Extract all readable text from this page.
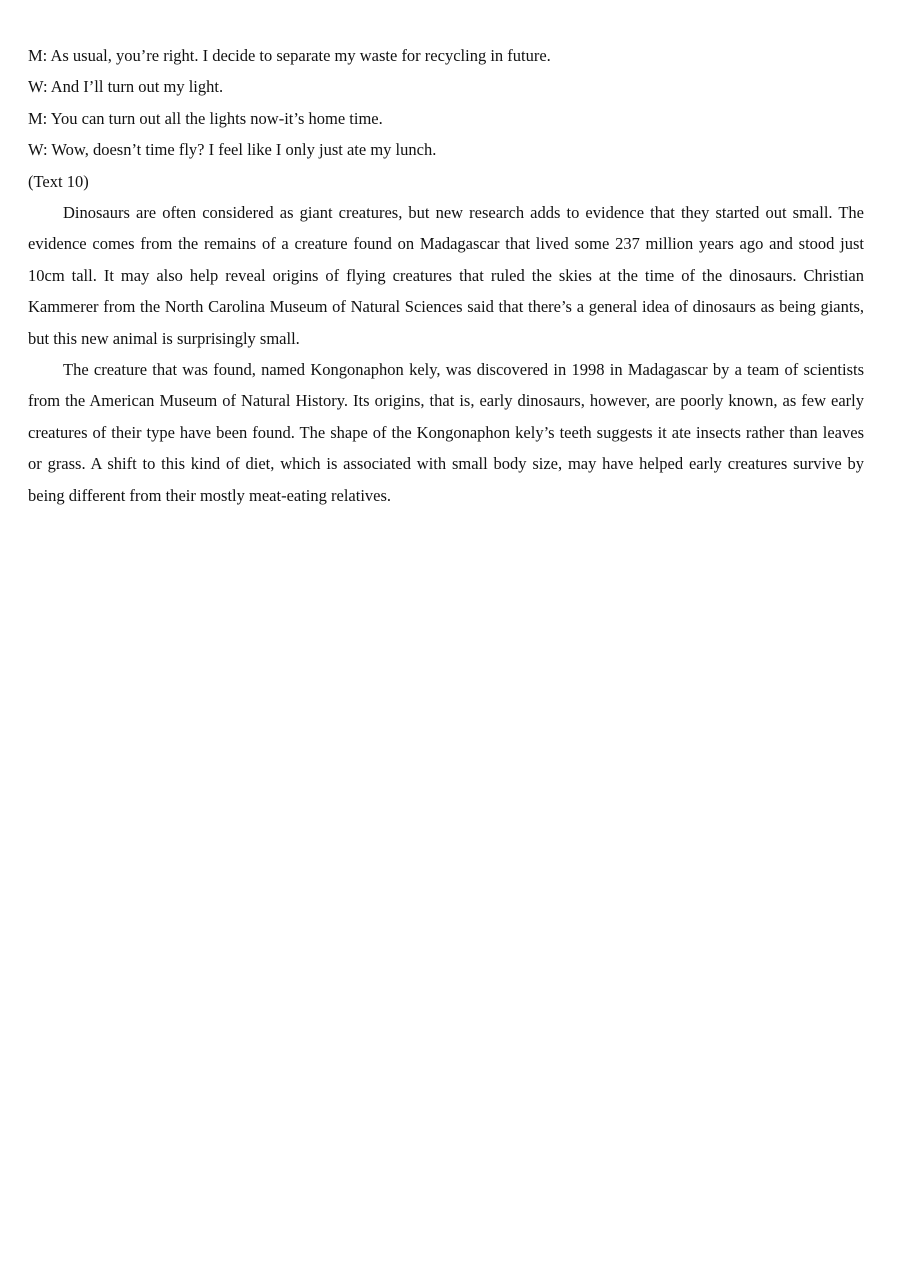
M: As usual, you’re right. I decide to separate my waste for recycling in future.

W: And I’ll turn out my light.

M: You can turn out all the lights now-it’s home time.

W: Wow, doesn’t time fly? I feel like I only just ate my lunch.

(Text 10)

Dinosaurs are often considered as giant creatures, but new research adds to evidence that they started out small. The evidence comes from the remains of a creature found on Madagascar that lived some 237 million years ago and stood just 10cm tall. It may also help reveal origins of flying creatures that ruled the skies at the time of the dinosaurs. Christian Kammerer from the North Carolina Museum of Natural Sciences said that there’s a general idea of dinosaurs as being giants, but this new animal is surprisingly small.

The creature that was found, named Kongonaphon kely, was discovered in 1998 in Madagascar by a team of scientists from the American Museum of Natural History. Its origins, that is, early dinosaurs, however, are poorly known, as few early creatures of their type have been found. The shape of the Kongonaphon kely’s teeth suggests it ate insects rather than leaves or grass. A shift to this kind of diet, which is associated with small body size, may have helped early creatures survive by being different from their mostly meat-eating relatives.
